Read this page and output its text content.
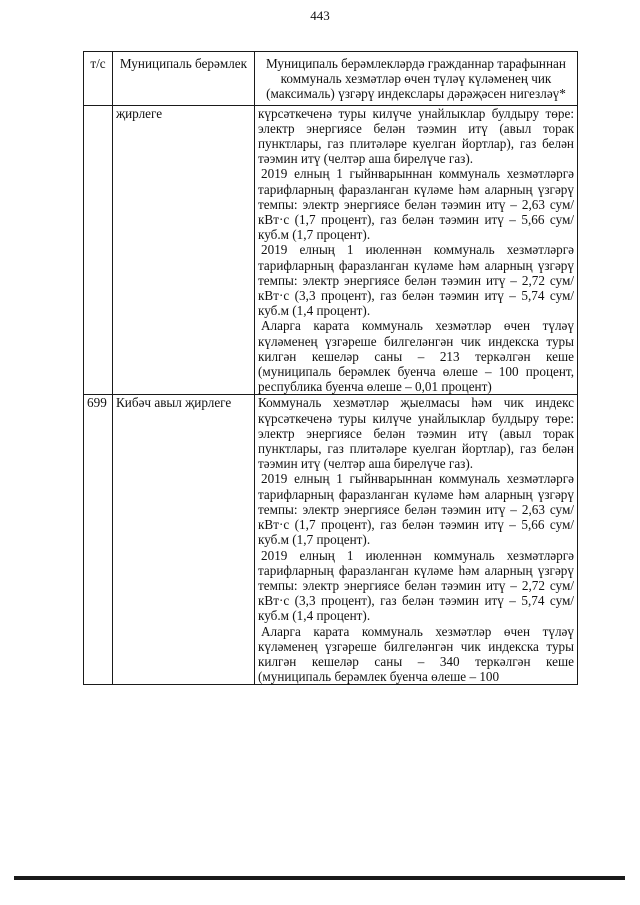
443
т/с	Муниципаль берәмлек	Муниципаль берәмлекләрдә гражданнар тарафыннан коммуналь хезмәтләр өчен түләү күләменең чик (максималь) үзгәрү индекслары дәрәҗәсен нигезләү*
	җирлеге	күрсәткеченә туры килүче унайлыклар булдыру төре: электр энергиясе белән тәэмин итү (авыл торак пунктлары, газ плитәләре куелган йортлар), газ белән тәэмин итү (челтәр аша бирелүче газ).

2019 елның 1 гыйнварыннан коммуналь хезмәтләргә тарифларның фаразланган күләме һәм аларның үзгәрү темпы: электр энергиясе белән тәэмин итү – 2,63 сум/кВт·с (1,7 процент), газ белән тәэмин итү – 5,66 сум/куб.м (1,7 процент).

2019 елның 1 июленнән коммуналь хезмәтләргә тарифларның фаразланган күләме һәм аларның үзгәрү темпы: электр энергиясе белән тәэмин итү – 2,72 сум/кВт·с (3,3 процент), газ белән тәэмин итү – 5,74 сум/куб.м (1,4 процент).

Аларга карата коммуналь хезмәтләр өчен түләү күләменең үзгәреше билгеләнгән чик индекска туры килгән кешеләр саны – 213 теркәлгән кеше (муниципаль берәмлек буенча өлеше – 100 процент, республика буенча өлеше – 0,01 процент)

699	Кибәч авыл җирлеге	Коммуналь хезмәтләр җыелмасы һәм чик индекс күрсәткеченә туры килүче унайлыклар булдыру төре: электр энергиясе белән тәэмин итү (авыл торак пунктлары, газ плитәләре куелган йортлар), газ белән тәэмин итү (челтәр аша бирелүче газ).

2019 елның 1 гыйнварыннан коммуналь хезмәтләргә тарифларның фаразланган күләме һәм аларның үзгәрү темпы: электр энергиясе белән тәэмин итү – 2,63 сум/кВт·с (1,7 процент), газ белән тәэмин итү – 5,66 сум/куб.м (1,7 процент).

2019 елның 1 июленнән коммуналь хезмәтләргә тарифларның фаразланган күләме һәм аларның үзгәрү темпы: электр энергиясе белән тәэмин итү – 2,72 сум/кВт·с (3,3 процент), газ белән тәэмин итү – 5,74 сум/куб.м (1,4 процент).

Аларга карата коммуналь хезмәтләр өчен түләү күләменең үзгәреше билгеләнгән чик индекска туры килгән кешеләр саны – 340 теркәлгән кеше (муниципаль берәмлек буенча өлеше – 100
